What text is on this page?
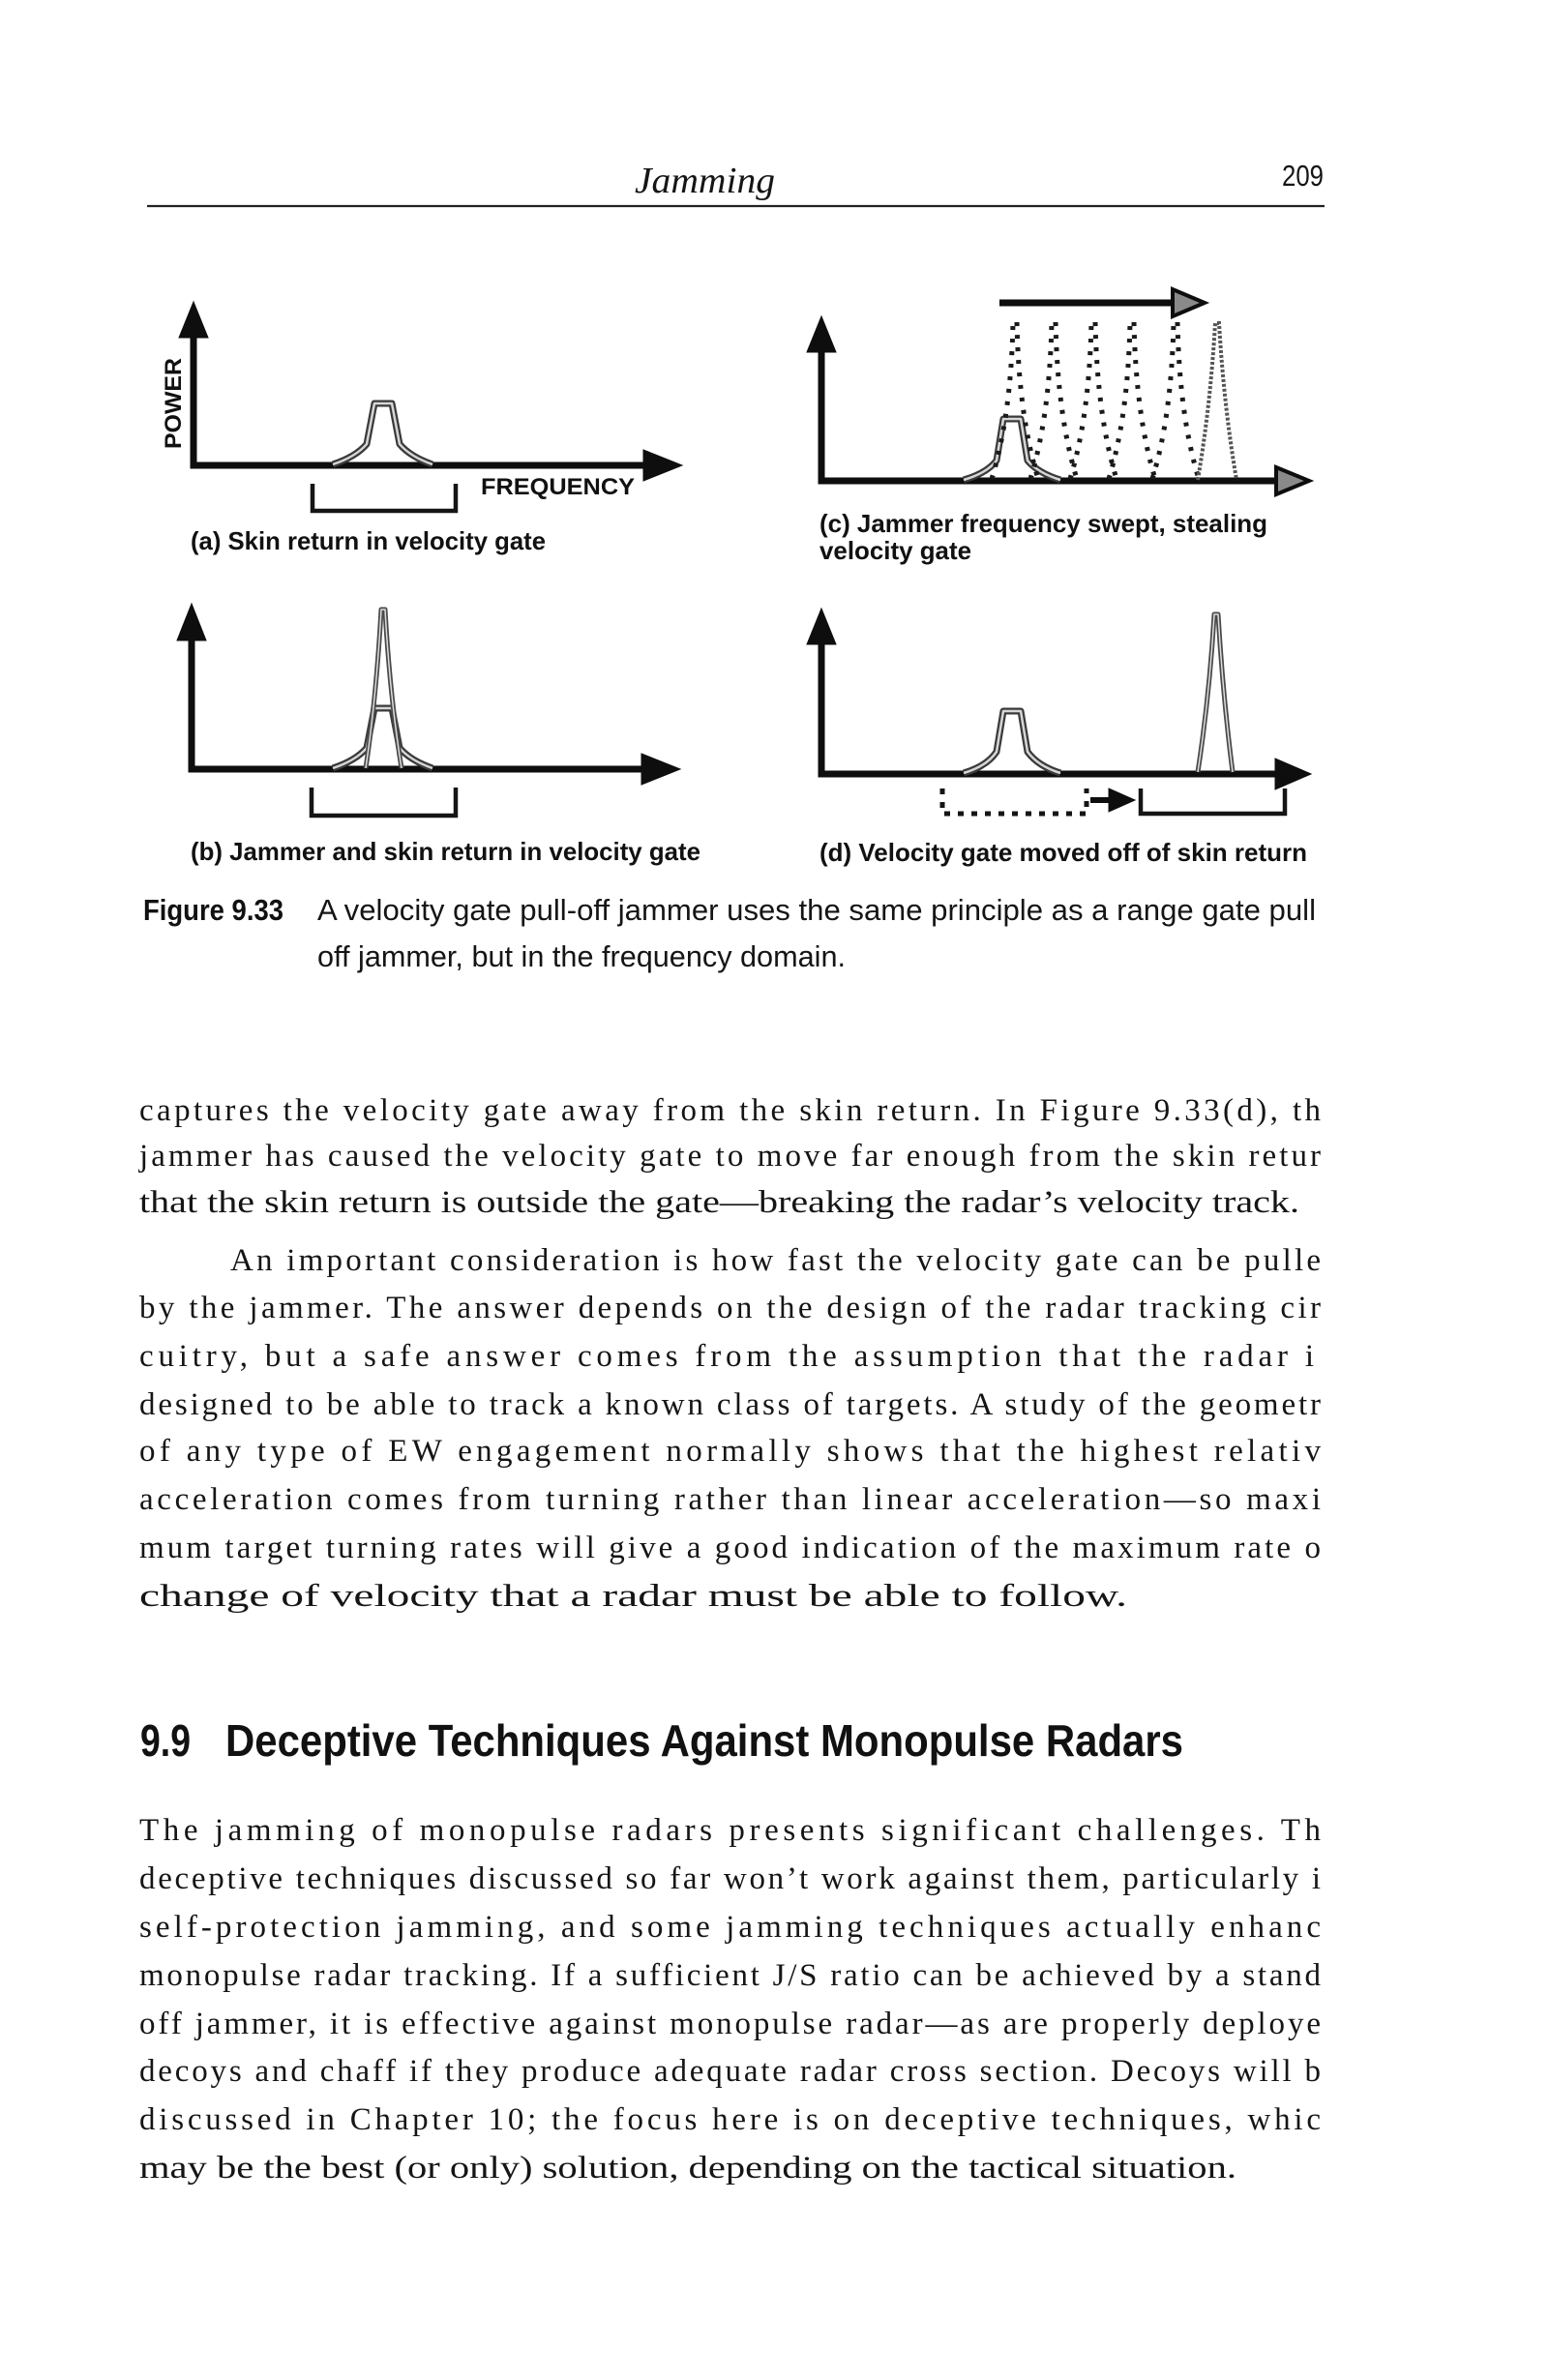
Jamming	209
POWER
FREQUENCY
(a) Skin return in velocity gate
(b) Jammer and skin return in velocity gate
(c) Jammer frequency swept, stealing
velocity gate
(d) Velocity gate moved off of skin return
Figure 9.33 A velocity gate pull-off jammer uses the same principle as a range gate pull
off jammer, but in the frequency domain.
captures the velocity gate away from the skin return. In Figure 9.33(d), th
jammer has caused the velocity gate to move far enough from the skin retur
that the skin return is outside the gate—breaking the radar’s velocity track.
An important consideration is how fast the velocity gate can be pulle
by the jammer. The answer depends on the design of the radar tracking cir
cuitry, but a safe answer comes from the assumption that the radar i
designed to be able to track a known class of targets. A study of the geometr
of any type of EW engagement normally shows that the highest relativ
acceleration comes from turning rather than linear acceleration—so maxi
mum target turning rates will give a good indication of the maximum rate o
change of velocity that a radar must be able to follow.
9.9 Deceptive Techniques Against Monopulse Radars
The jamming of monopulse radars presents significant challenges. Th
deceptive techniques discussed so far won’t work against them, particularly i
self-protection jamming, and some jamming techniques actually enhanc
monopulse radar tracking. If a sufficient J/S ratio can be achieved by a stand
off jammer, it is effective against monopulse radar—as are properly deploye
decoys and chaff if they produce adequate radar cross section. Decoys will b
discussed in Chapter 10; the focus here is on deceptive techniques, whic
may be the best (or only) solution, depending on the tactical situation.
